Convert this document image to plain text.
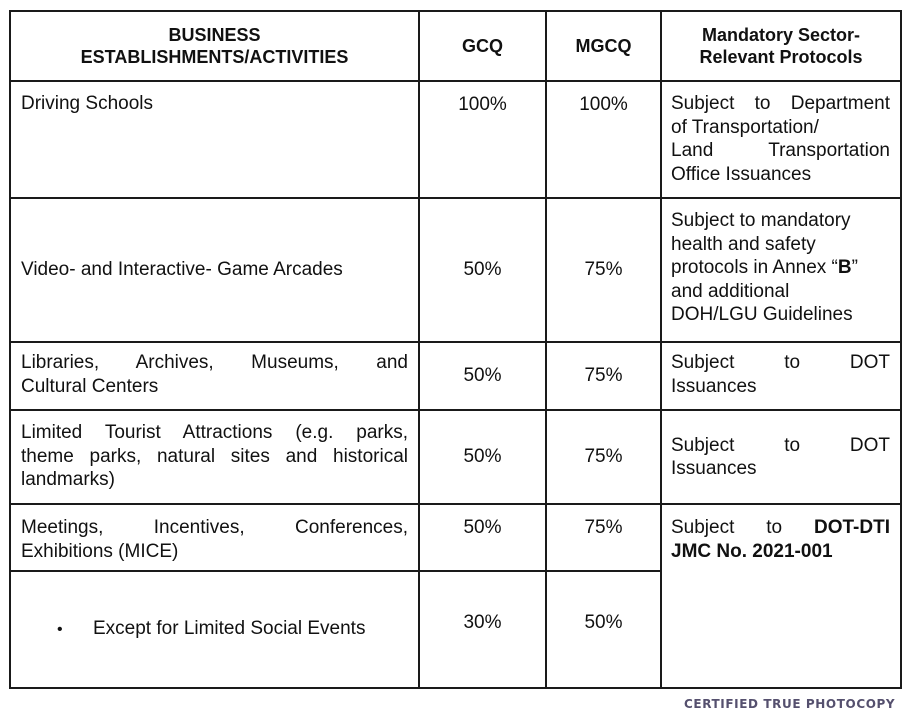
BUSINESS
ESTABLISHMENTS/ACTIVITIES	GCQ	MGCQ	Mandatory Sector-
Relevant Protocols
Driving Schools	100%	100%	Subject to Department
of Transportation/
Land Transportation
Office Issuances

Video- and Interactive- Game Arcades	50%	75%	Subject to mandatory
health and safety
protocols in Annex “B”
and additional
DOH/LGU Guidelines

Libraries, Archives, Museums, and
Cultural Centers	50%	75%	Subject to DOT
Issuances

Limited Tourist Attractions (e.g. parks,
theme parks, natural sites and historical
landmarks)	50%	75%	Subject to DOT
Issuances

Meetings, Incentives, Conferences,
Exhibitions (MICE)	50%	75%	Subject to DOT-DTI
JMC No. 2021-001

• Except for Limited Social Events	30%	50%	
CERTIFIED TRUE PHOTOCOPY
